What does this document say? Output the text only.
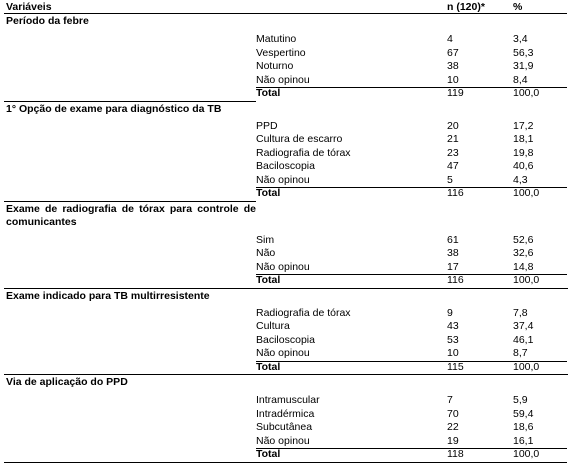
Variáveis	n (120)*	%
Período da febre
Matutino	4	3,4
Vespertino	67	56,3
Noturno	38	31,9
Não opinou	10	8,4
Total	119	100,0
1° Opção de exame para diagnóstico da TB
PPD	20	17,2
Cultura de escarro	21	18,1
Radiografia de tórax	23	19,8
Baciloscopia	47	40,6
Não opinou	5	4,3
Total	116	100,0
Exame de radiografia de tórax para controle de comunicantes
Sim	61	52,6
Não	38	32,6
Não opinou	17	14,8
Total	116	100,0
Exame indicado para TB multirresistente
Radiografia de tórax	9	7,8
Cultura	43	37,4
Baciloscopia	53	46,1
Não opinou	10	8,7
Total	115	100,0
Via de aplicação do PPD
Intramuscular	7	5,9
Intradérmica	70	59,4
Subcutânea	22	18,6
Não opinou	19	16,1
Total	118	100,0
